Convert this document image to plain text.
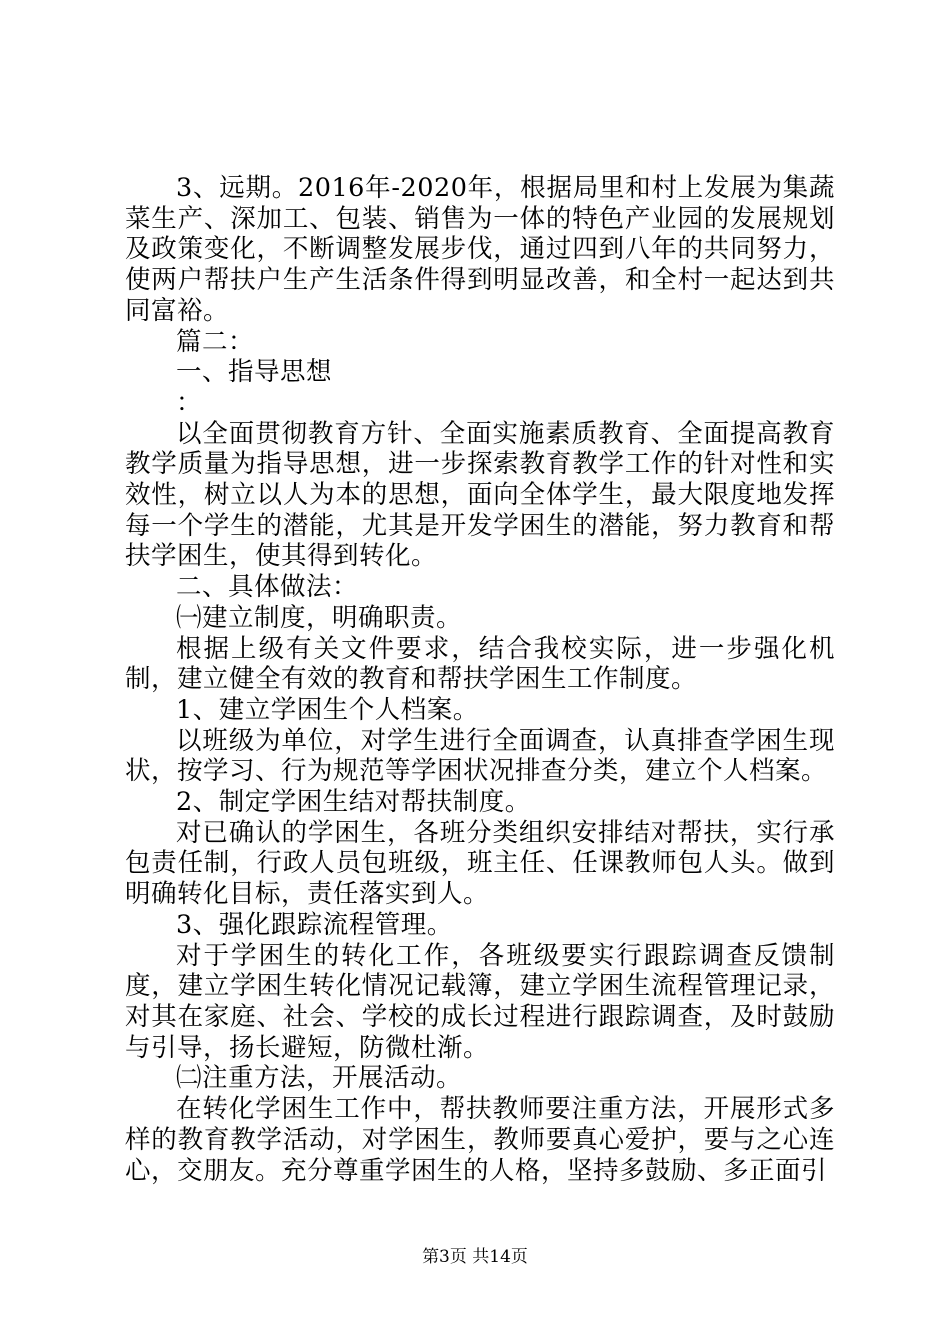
3、远期。2016年-2020年，根据局里和村上发展为集蔬菜生产、深加工、包装、销售为一体的特色产业园的发展规划及政策变化，不断调整发展步伐，通过四到八年的共同努力，使两户帮扶户生产生活条件得到明显改善，和全村一起达到共同富裕。

篇二：

一、指导思想

：

以全面贯彻教育方针、全面实施素质教育、全面提高教育教学质量为指导思想，进一步探索教育教学工作的针对性和实效性，树立以人为本的思想，面向全体学生，最大限度地发挥每一个学生的潜能，尤其是开发学困生的潜能，努力教育和帮扶学困生，使其得到转化。

二、具体做法：

㈠建立制度，明确职责。

根据上级有关文件要求，结合我校实际，进一步强化机制，建立健全有效的教育和帮扶学困生工作制度。

1、建立学困生个人档案。

以班级为单位，对学生进行全面调查，认真排查学困生现状，按学习、行为规范等学困状况排查分类，建立个人档案。

2、制定学困生结对帮扶制度。

对已确认的学困生，各班分类组织安排结对帮扶，实行承包责任制，行政人员包班级，班主任、任课教师包人头。做到明确转化目标，责任落实到人。

3、强化跟踪流程管理。

对于学困生的转化工作，各班级要实行跟踪调查反馈制度，建立学困生转化情况记载簿，建立学困生流程管理记录，对其在家庭、社会、学校的成长过程进行跟踪调查，及时鼓励与引导，扬长避短，防微杜渐。

㈡注重方法，开展活动。

在转化学困生工作中，帮扶教师要注重方法，开展形式多样的教育教学活动，对学困生，教师要真心爱护，要与之心连心，交朋友。充分尊重学困生的人格，坚持多鼓励、多正面引

第3页 共14页
